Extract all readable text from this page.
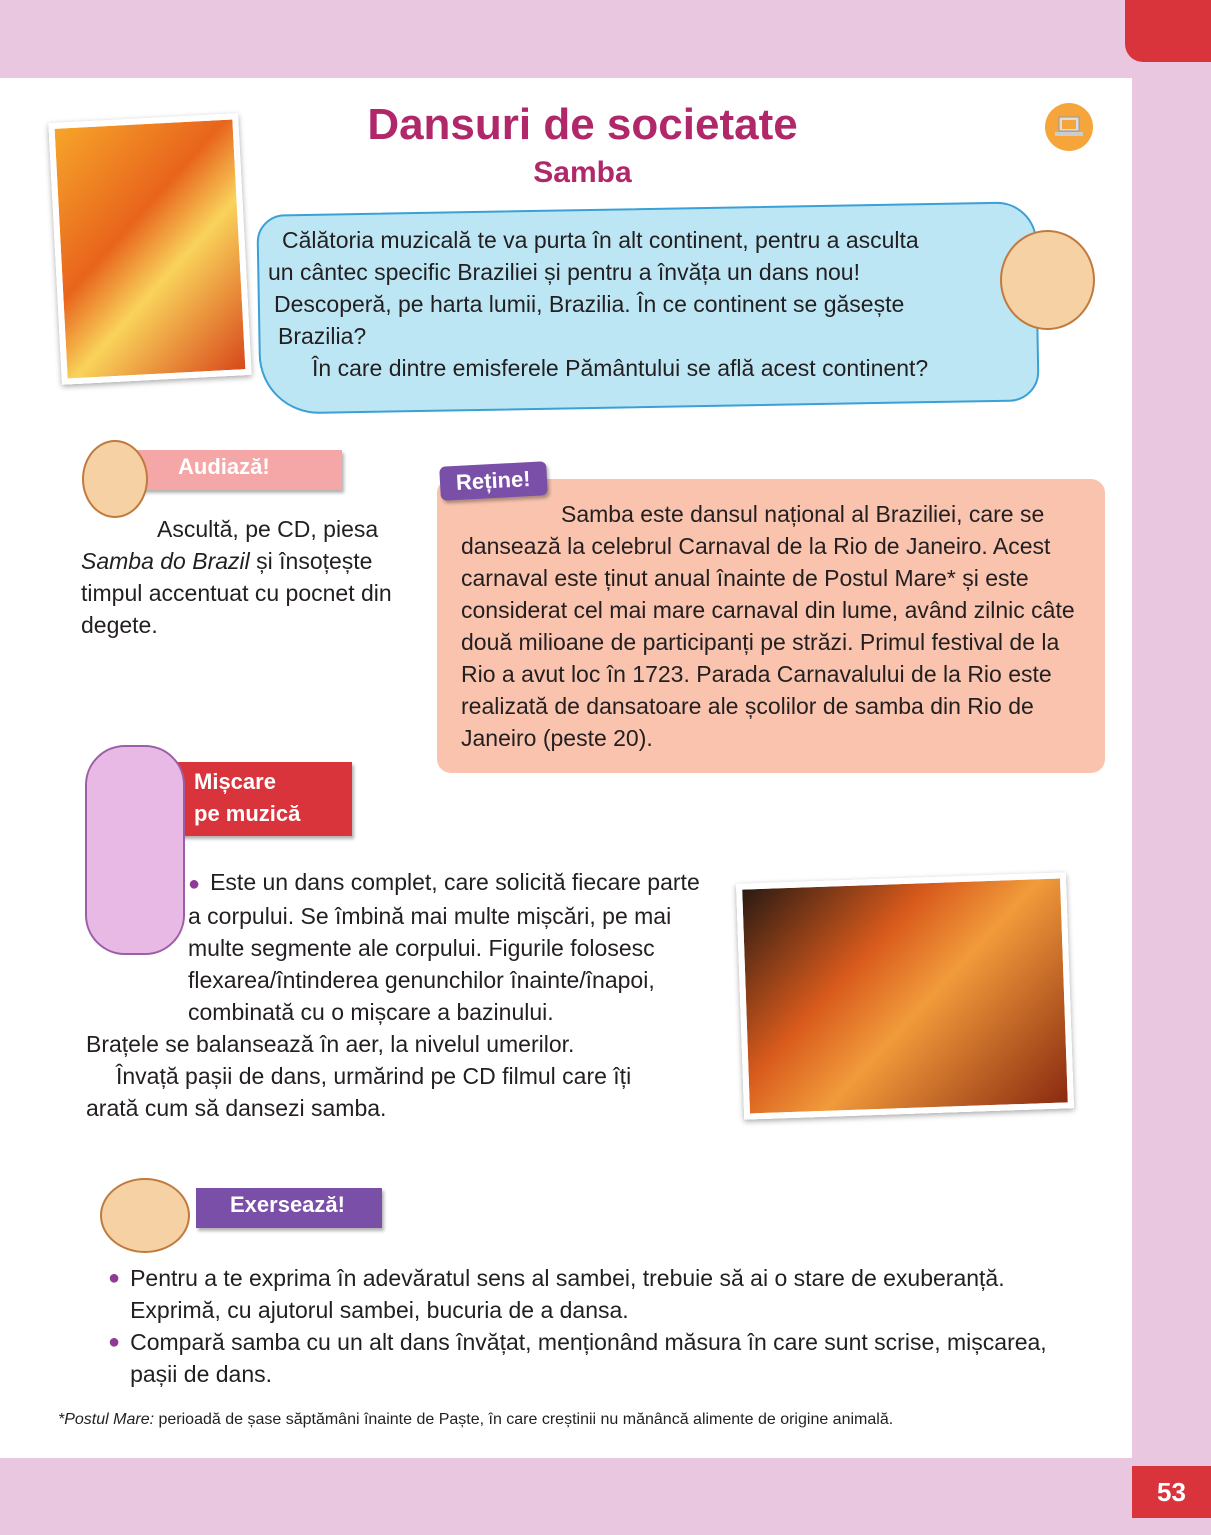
53
Dansuri de societate
Samba
Călătoria muzicală te va purta în alt continent, pentru a asculta
un cântec specific Braziliei și pentru a învăța un dans nou!
Descoperă, pe harta lumii, Brazilia. În ce continent se găsește
Brazilia?
În care dintre emisferele Pământului se află acest continent?
Audiază!
Ascultă, pe CD, piesa Samba do Brazil și însoțește timpul accentuat cu pocnet din degete.
Reține!
Samba este dansul național al Braziliei, care se dansează la celebrul Carnaval de la Rio de Janeiro. Acest carnaval este ținut anual înainte de Postul Mare* și este considerat cel mai mare carnaval din lume, având zilnic câte două milioane de participanți pe străzi. Primul festival de la Rio a avut loc în 1723. Parada Carnavalului de la Rio este realizată de dansatoare ale școlilor de samba din Rio de Janeiro (peste 20).
Mișcare
pe muzică
● Este un dans complet, care solicită fiecare parte a corpului. Se îmbină mai multe mișcări, pe mai multe segmente ale corpului. Figurile folosesc flexarea/întinderea genunchilor înainte/înapoi, combinată cu o mișcare a bazinului.
Brațele se balansează în aer, la nivelul umerilor.
Învață pașii de dans, urmărind pe CD filmul care îți arată cum să dansezi samba.
Exersează!
● Pentru a te exprima în adevăratul sens al sambei, trebuie să ai o stare de exuberanță. Exprimă, cu ajutorul sambei, bucuria de a dansa.
● Compară samba cu un alt dans învățat, menționând măsura în care sunt scrise, mișcarea, pașii de dans.
*Postul Mare: perioadă de șase săptămâni înainte de Paște, în care creștinii nu mănâncă alimente de origine animală.
